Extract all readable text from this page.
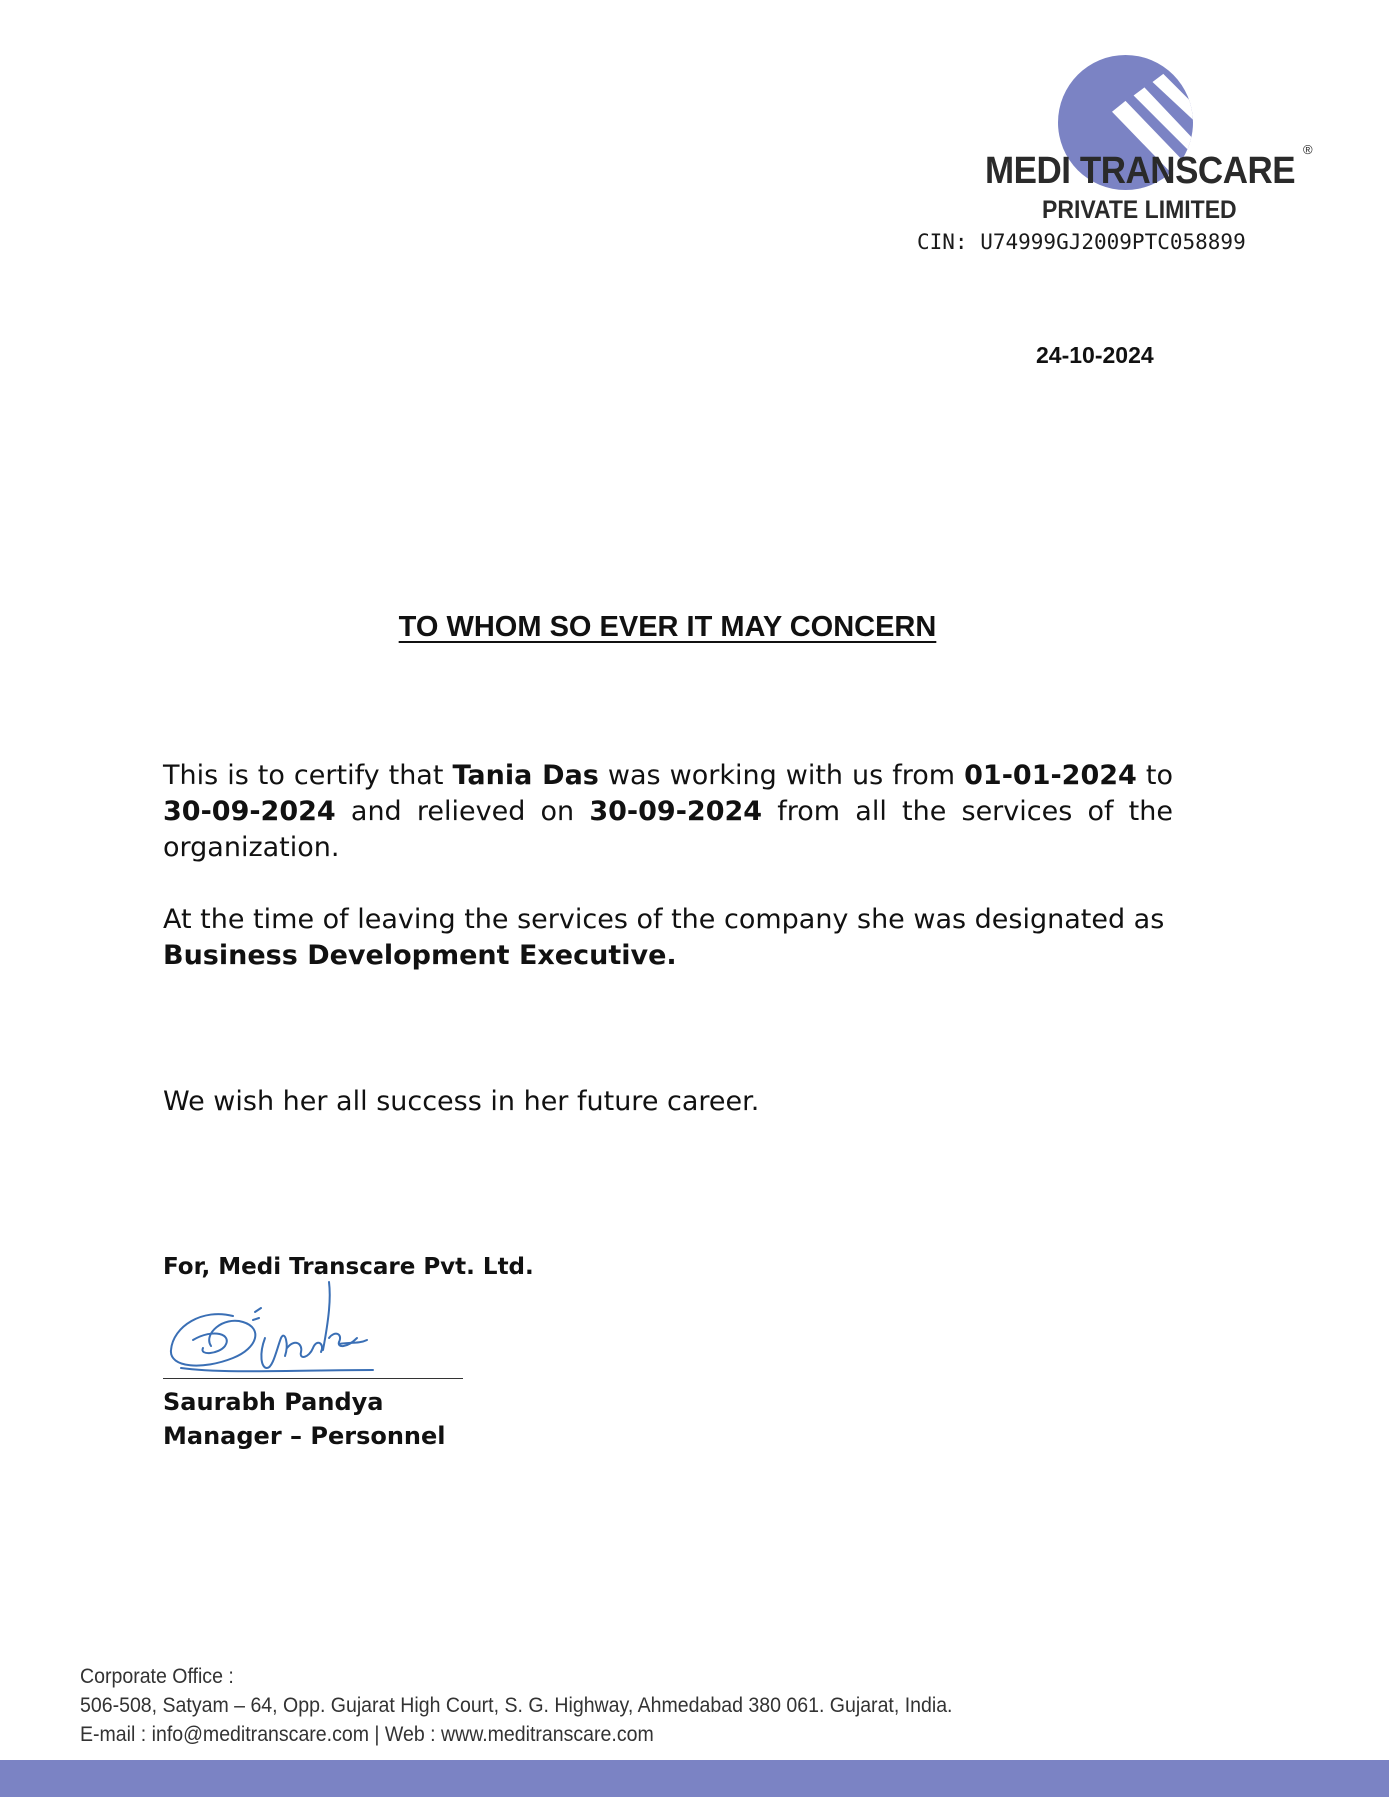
MEDI TRANSCARE
®
PRIVATE LIMITED
CIN: U74999GJ2009PTC058899
24-10-2024
TO WHOM SO EVER IT MAY CONCERN
This is to certify that Tania Das was working with us from 01-01-2024 to 30-09-2024 and relieved on 30-09-2024 from all the services of the organization.
At the time of leaving the services of the company she was designated as Business Development Executive.
We wish her all success in her future career.
For, Medi Transcare Pvt. Ltd.
Saurabh Pandya
Manager – Personnel
Corporate Office :
506-508, Satyam – 64, Opp. Gujarat High Court, S. G. Highway, Ahmedabad 380 061. Gujarat, India.
E-mail : info@meditranscare.com | Web : www.meditranscare.com
